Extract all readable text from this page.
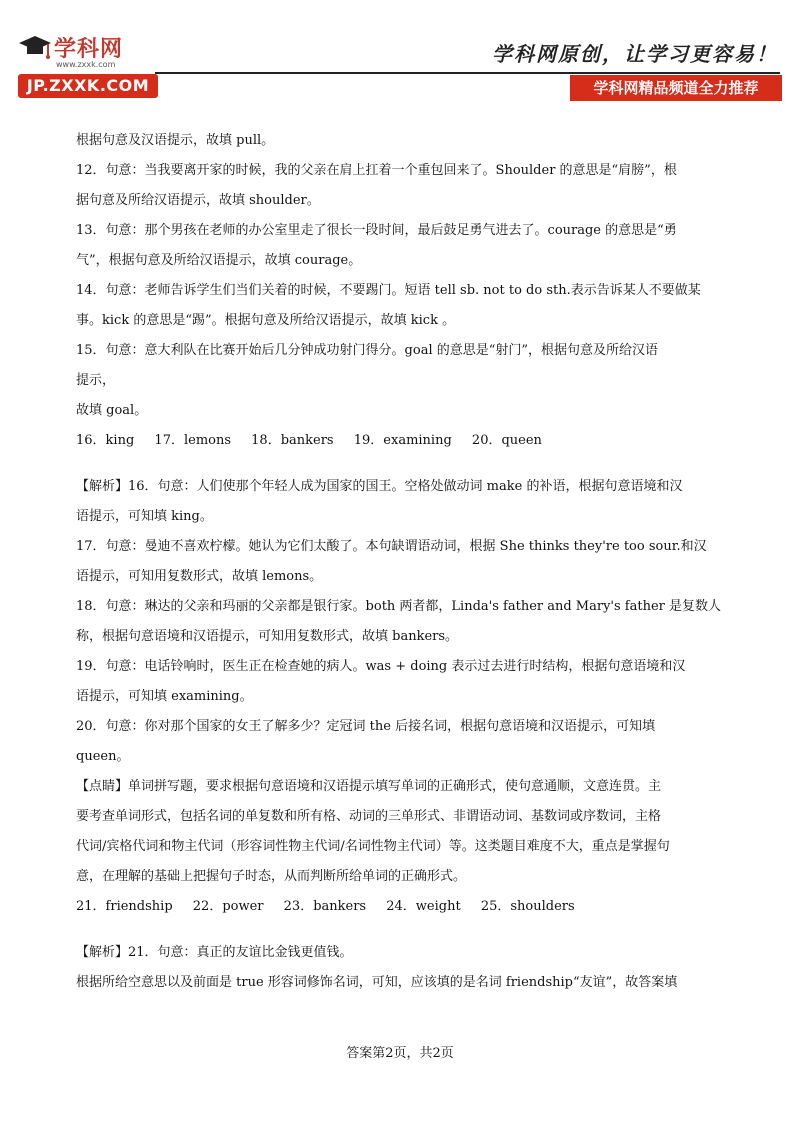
学科网
www.zxxk.com
JP.ZXXK.COM
学科网原创，让学习更容易！
学科网精品频道全力推荐
根据句意及汉语提示，故填 pull。
12．句意：当我要离开家的时候，我的父亲在肩上扛着一个重包回来了。Shoulder 的意思是“肩膀”，根
据句意及所给汉语提示，故填 shoulder。
13．句意：那个男孩在老师的办公室里走了很长一段时间，最后鼓足勇气进去了。courage 的意思是“勇
气”，根据句意及所给汉语提示，故填 courage。
14．句意：老师告诉学生们当们关着的时候，不要踢门。短语 tell sb. not to do sth.表示告诉某人不要做某
事。kick 的意思是“踢”。根据句意及所给汉语提示，故填 kick 。
15．句意：意大利队在比赛开始后几分钟成功射门得分。goal 的意思是“射门”，根据句意及所给汉语
提示，
故填 goal。
16．king 17．lemons 18．bankers 19．examining 20．queen
【解析】16．句意：人们使那个年轻人成为国家的国王。空格处做动词 make 的补语，根据句意语境和汉
语提示，可知填 king。
17．句意：曼迪不喜欢柠檬。她认为它们太酸了。本句缺谓语动词，根据 She thinks they're too sour.和汉
语提示，可知用复数形式，故填 lemons。
18．句意：琳达的父亲和玛丽的父亲都是银行家。both 两者都，Linda's father and Mary's father 是复数人
称，根据句意语境和汉语提示，可知用复数形式，故填 bankers。
19．句意：电话铃响时，医生正在检查她的病人。was + doing 表示过去进行时结构，根据句意语境和汉
语提示，可知填 examining。
20．句意：你对那个国家的女王了解多少？定冠词 the 后接名词，根据句意语境和汉语提示，可知填
queen。
【点睛】单词拼写题，要求根据句意语境和汉语提示填写单词的正确形式，使句意通顺，文意连贯。主
要考查单词形式，包括名词的单复数和所有格、动词的三单形式、非谓语动词、基数词或序数词，主格
代词/宾格代词和物主代词（形容词性物主代词/名词性物主代词）等。这类题目难度不大，重点是掌握句
意，在理解的基础上把握句子时态，从而判断所给单词的正确形式。
21．friendship 22．power 23．bankers 24．weight 25．shoulders
【解析】21．句意：真正的友谊比金钱更值钱。
根据所给空意思以及前面是 true 形容词修饰名词，可知，应该填的是名词 friendship“友谊”，故答案填
答案第2页，共2页
